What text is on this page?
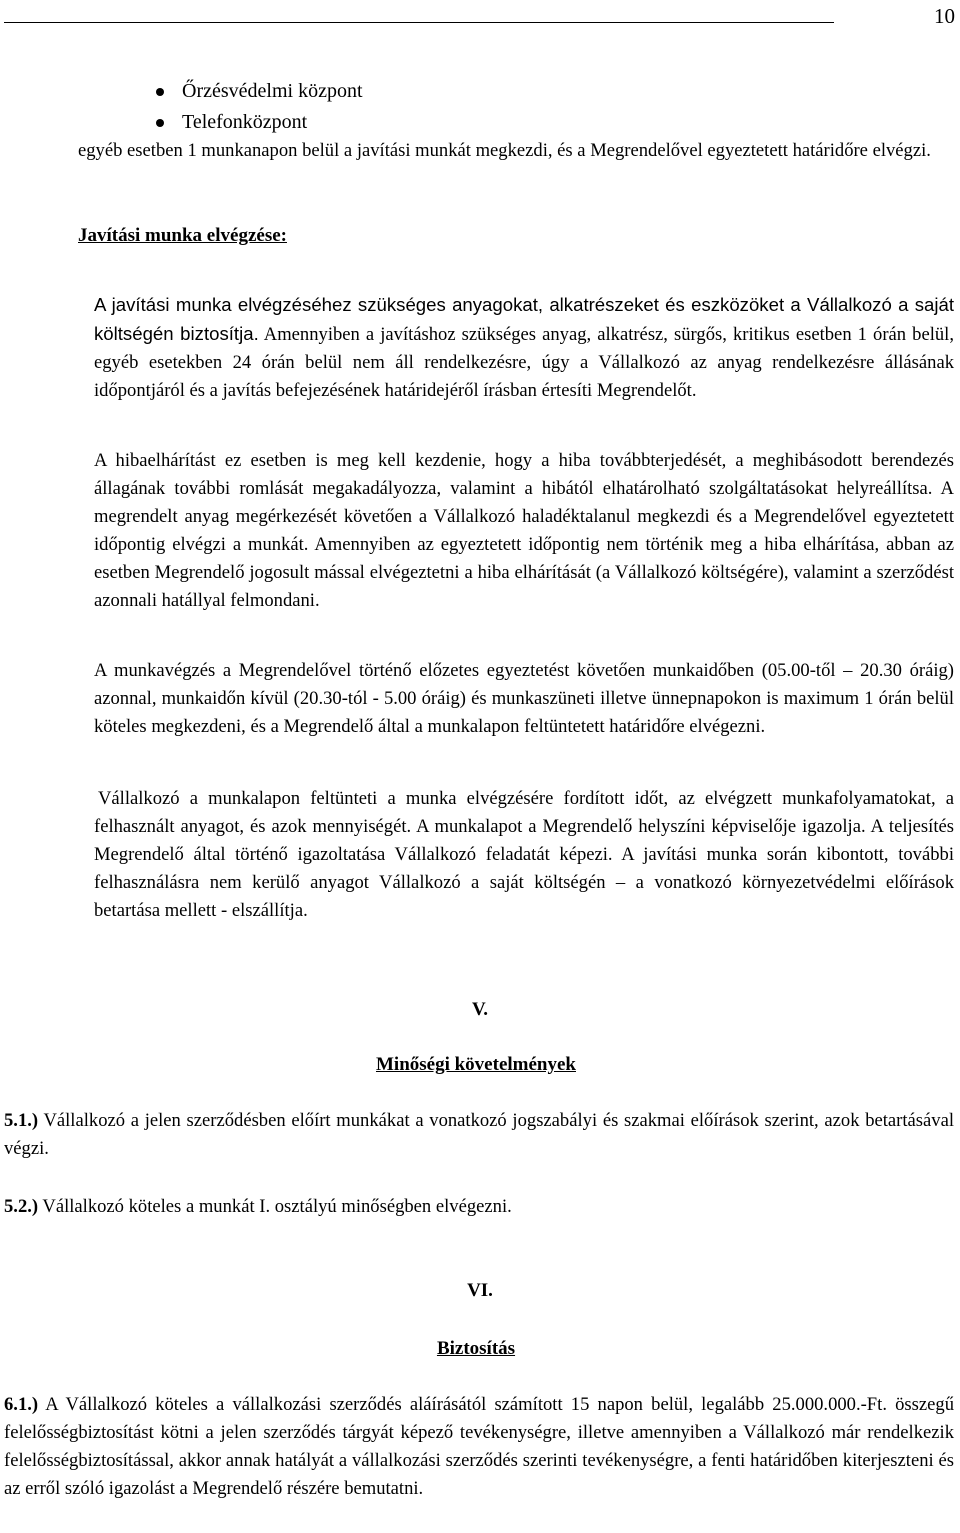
10
Őrzésvédelmi központ
Telefonközpont

egyéb esetben 1 munkanapon belül a javítási munkát megkezdi, és a Megrendelővel egyeztetett határidőre elvégzi.

Javítási munka elvégzése:

A javítási munka elvégzéséhez szükséges anyagokat, alkatrészeket és eszközöket a Vállalkozó a saját költségén biztosítja. Amennyiben a javításhoz szükséges anyag, alkatrész, sürgős, kritikus esetben 1 órán belül, egyéb esetekben 24 órán belül nem áll rendelkezésre, úgy a Vállalkozó az anyag rendelkezésre állásának időpontjáról és a javítás befejezésének határidejéről írásban értesíti Megrendelőt.

A hibaelhárítást ez esetben is meg kell kezdenie, hogy a hiba továbbterjedését, a meghibásodott berendezés állagának további romlását megakadályozza, valamint a hibától elhatárolható szolgáltatásokat helyreállítsa. A megrendelt anyag megérkezését követően a Vállalkozó haladéktalanul megkezdi és a Megrendelővel egyeztetett időpontig elvégzi a munkát. Amennyiben az egyeztetett időpontig nem történik meg a hiba elhárítása, abban az esetben Megrendelő jogosult mással elvégeztetni a hiba elhárítását (a Vállalkozó költségére), valamint a szerződést azonnali hatállyal felmondani.

A munkavégzés a Megrendelővel történő előzetes egyeztetést követően munkaidőben (05.00-től – 20.30 óráig) azonnal, munkaidőn kívül (20.30-tól - 5.00 óráig) és munkaszüneti illetve ünnepnapokon is maximum 1 órán belül köteles megkezdeni, és a Megrendelő által a munkalapon feltüntetett határidőre elvégezni.

Vállalkozó a munkalapon feltünteti a munka elvégzésére fordított időt, az elvégzett munkafolyamatokat, a felhasznált anyagot, és azok mennyiségét. A munkalapot a Megrendelő helyszíni képviselője igazolja. A teljesítés Megrendelő által történő igazoltatása Vállalkozó feladatát képezi. A javítási munka során kibontott, további felhasználásra nem kerülő anyagot Vállalkozó a saját költségén – a vonatkozó környezetvédelmi előírások betartása mellett - elszállítja.

V.

Minőségi követelmények

5.1.) Vállalkozó a jelen szerződésben előírt munkákat a vonatkozó jogszabályi és szakmai előírások szerint, azok betartásával végzi.

5.2.) Vállalkozó köteles a munkát I. osztályú minőségben elvégezni.

VI.

Biztosítás

6.1.) A Vállalkozó köteles a vállalkozási szerződés aláírásától számított 15 napon belül, legalább 25.000.000.-Ft. összegű felelősségbiztosítást kötni a jelen szerződés tárgyát képező tevékenységre, illetve amennyiben a Vállalkozó már rendelkezik felelősségbiztosítással, akkor annak hatályát a vállalkozási szerződés szerinti tevékenységre, a fenti határidőben kiterjeszteni és az erről szóló igazolást a Megrendelő részére bemutatni.
